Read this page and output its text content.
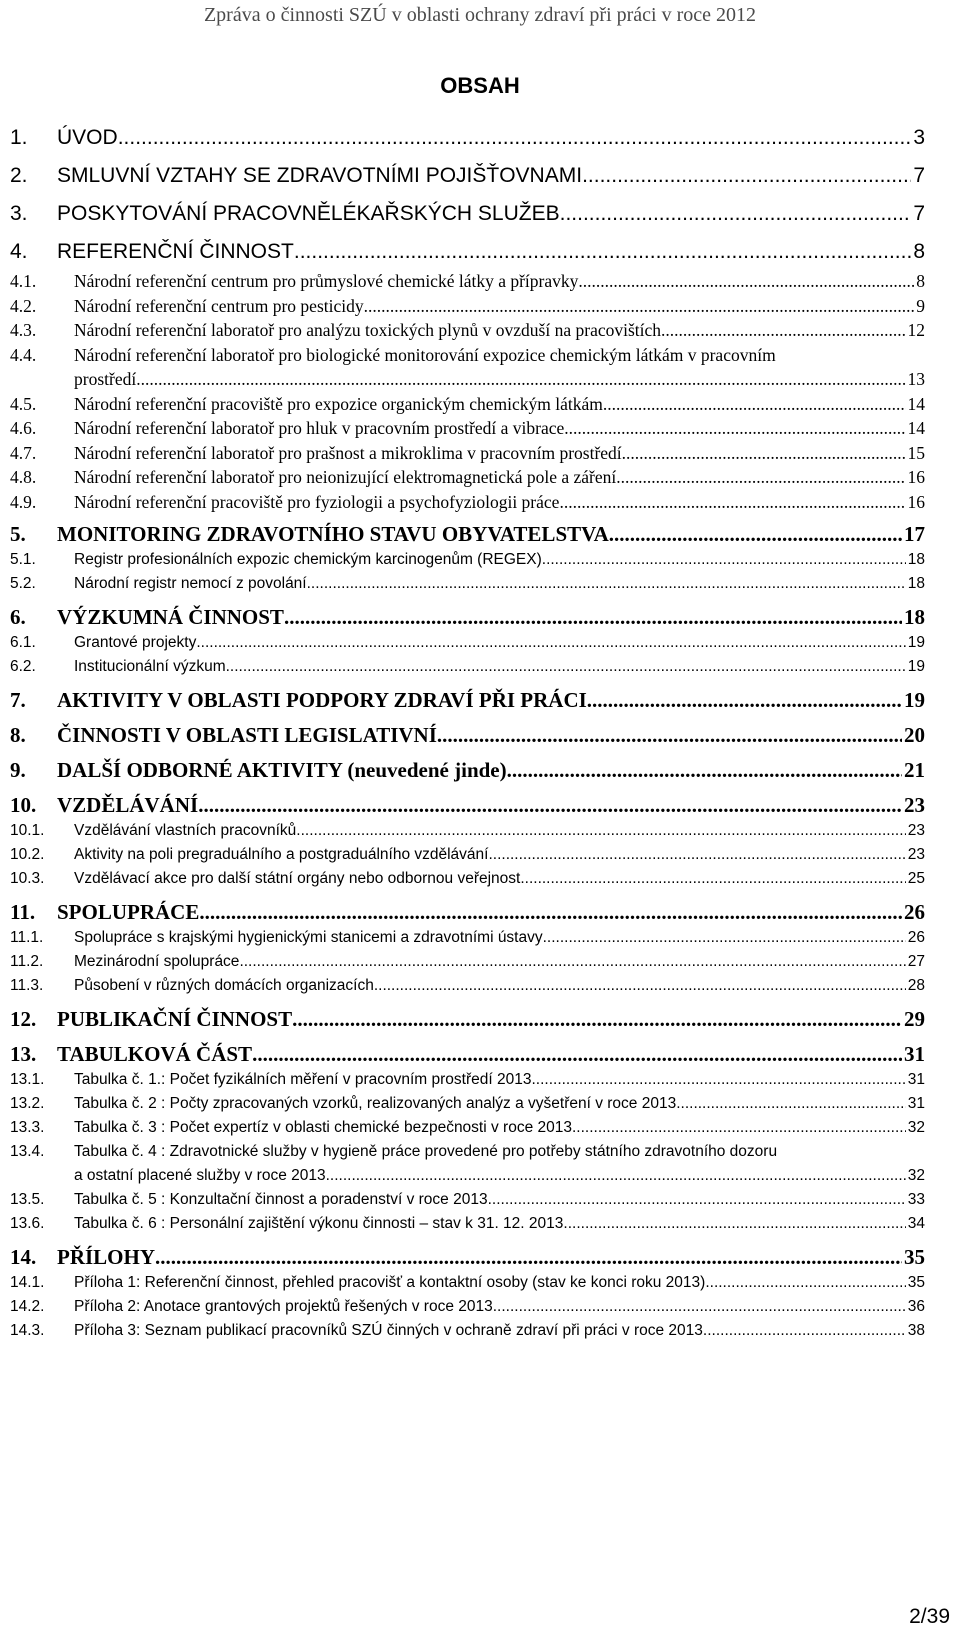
Zpráva o činnosti SZÚ v oblasti ochrany zdraví při práci v roce 2012
OBSAH
1.	ÚVOD .....	3
2.	SMLUVNÍ VZTAHY SE ZDRAVOTNÍMI POJIŠŤOVNAMI .....	7
3.	POSKYTOVÁNÍ PRACOVNĚLÉKAŘSKÝCH SLUŽEB .....	7
4.	REFERENČNÍ ČINNOST .....	8
4.1.	Národní referenční centrum pro průmyslové chemické látky a přípravky .....	8
4.2.	Národní referenční centrum pro pesticidy .....	9
4.3.	Národní referenční laboratoř pro analýzu toxických plynů v ovzduší na pracovištích .....	12
4.4.	Národní referenční laboratoř pro biologické monitorování expozice chemickým látkám v pracovním
prostředí .....	13
4.5.	Národní referenční pracoviště pro expozice organickým chemickým látkám .....	14
4.6.	Národní referenční laboratoř pro hluk v pracovním prostředí a vibrace .....	14
4.7.	Národní referenční laboratoř pro prašnost a mikroklima v pracovním prostředí .....	15
4.8.	Národní referenční laboratoř pro neionizující elektromagnetická pole a záření .....	16
4.9.	Národní referenční pracoviště pro fyziologii a psychofyziologii práce .....	16
5.	MONITORING ZDRAVOTNÍHO STAVU OBYVATELSTVA .....	17
5.1.	Registr profesionálních expozic chemickým karcinogenům (REGEX) .....	18
5.2.	Národní registr nemocí z povolání .....	18
6.	VÝZKUMNÁ ČINNOST .....	18
6.1.	Grantové projekty .....	19
6.2.	Institucionální výzkum .....	19
7.	AKTIVITY V OBLASTI PODPORY ZDRAVÍ PŘI PRÁCI .....	19
8.	ČINNOSTI V OBLASTI LEGISLATIVNÍ .....	20
9.	DALŠÍ ODBORNÉ AKTIVITY (neuvedené jinde) .....	21
10. VZDĚLÁVÁNÍ .....	23
10.1.	Vzdělávání vlastních pracovníků .....	23
10.2.	Aktivity na poli pregraduálního a postgraduálního vzdělávání .....	23
10.3.	Vzdělávací akce pro další státní orgány nebo odbornou veřejnost .....	25
11.	SPOLUPRÁCE .....	26
11.1.	Spolupráce s krajskými hygienickými stanicemi a zdravotními ústavy .....	26
11.2.	Mezinárodní spolupráce .....	27
11.3.	Působení v různých domácích organizacích .....	28
12. PUBLIKAČNÍ ČINNOST .....	29
13. TABULKOVÁ ČÁST .....	31
13.1.	Tabulka č. 1.: Počet fyzikálních měření v pracovním prostředí 2013 .....	31
13.2.	Tabulka č. 2 : Počty zpracovaných vzorků, realizovaných analýz a vyšetření v roce 2013 .....	31
13.3.	Tabulka č. 3 : Počet expertíz v oblasti chemické bezpečnosti v roce 2013 .....	32
13.4.	Tabulka č. 4 : Zdravotnické služby v hygieně práce provedené pro potřeby státního zdravotního dozoru
a ostatní placené služby v roce 2013 .....	32
13.5.	Tabulka č. 5 : Konzultační činnost a poradenství v roce 2013 .....	33
13.6.	Tabulka č. 6 : Personální zajištění výkonu činnosti – stav k 31. 12. 2013 .....	34
14. PŘÍLOHY .....	35
14.1.	Příloha 1: Referenční činnost, přehled pracovišť a kontaktní osoby (stav ke konci roku 2013) .....	35
14.2.	Příloha 2: Anotace grantových projektů řešených v roce 2013 .....	36
14.3.	Příloha 3: Seznam publikací pracovníků SZÚ činných v ochraně zdraví při práci v roce 2013 .....	38
2/39
